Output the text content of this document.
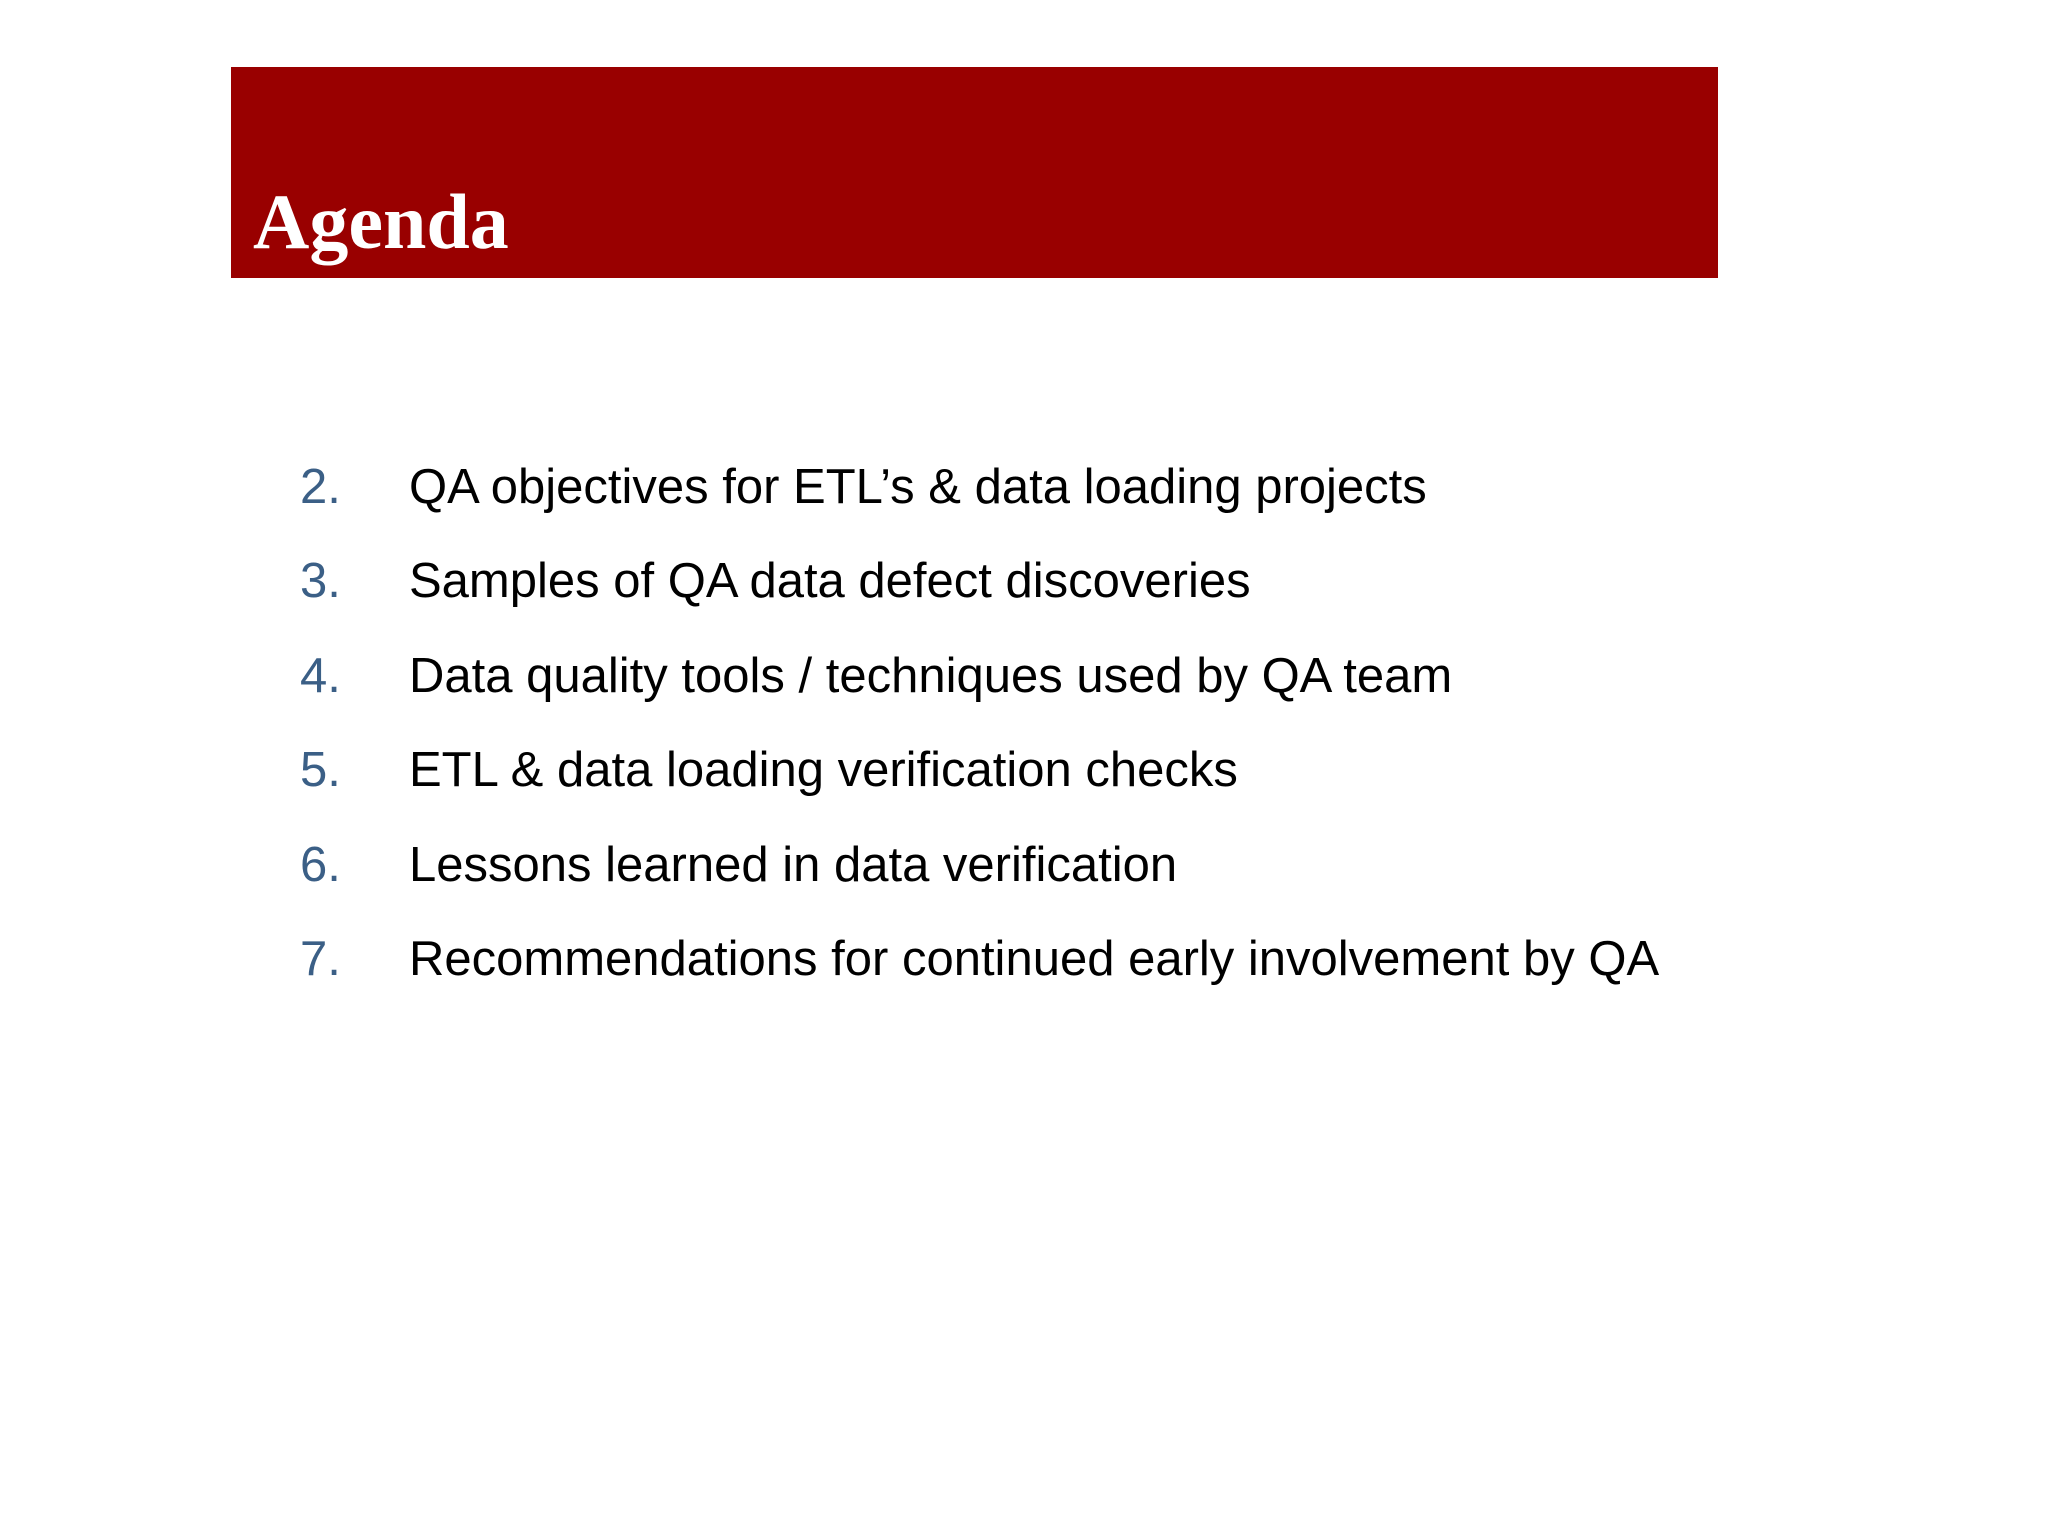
Agenda
2.	QA objectives for ETL’s & data loading projects
3.	Samples of QA data defect discoveries
4.	Data quality tools / techniques used by QA team
5.	ETL & data loading verification checks
6.	Lessons learned in data verification
7.	Recommendations for continued early involvement by QA
